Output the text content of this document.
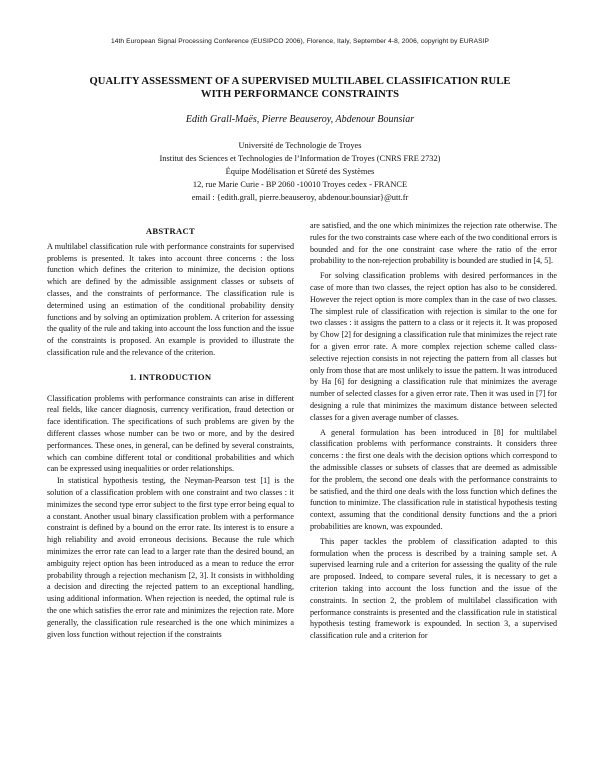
14th European Signal Processing Conference (EUSIPCO 2006), Florence, Italy, September 4-8, 2006, copyright by EURASIP
QUALITY ASSESSMENT OF A SUPERVISED MULTILABEL CLASSIFICATION RULE
WITH PERFORMANCE CONSTRAINTS
Edith Grall-Maës, Pierre Beauseroy, Abdenour Bounsiar
Université de Technologie de Troyes
Institut des Sciences et Technologies de l’Information de Troyes (CNRS FRE 2732)
Équipe Modélisation et Sûreté des Systèmes
12, rue Marie Curie - BP 2060 -10010 Troyes cedex - FRANCE
email : {edith.grall, pierre.beauseroy, abdenour.bounsiar}@utt.fr
ABSTRACT

A multilabel classification rule with performance constraints for supervised problems is presented. It takes into account three concerns : the loss function which defines the criterion to minimize, the decision options which are defined by the admissible assignment classes or subsets of classes, and the constraints of performance. The classification rule is determined using an estimation of the conditional probability density functions and by solving an optimization problem. A criterion for assessing the quality of the rule and taking into account the loss function and the issue of the constraints is proposed. An example is provided to illustrate the classification rule and the relevance of the criterion.

1. INTRODUCTION

Classification problems with performance constraints can arise in different real fields, like cancer diagnosis, currency verification, fraud detection or face identification. The specifications of such problems are given by the different classes whose number can be two or more, and by the desired performances. These ones, in general, can be defined by several constraints, which can combine different total or conditional probabilities and which can be expressed using inequalities or order relationships.

In statistical hypothesis testing, the Neyman-Pearson test [1] is the solution of a classification problem with one constraint and two classes : it minimizes the second type error subject to the first type error being equal to a constant. Another usual binary classification problem with a performance constraint is defined by a bound on the error rate. Its interest is to ensure a high reliability and avoid erroneous decisions. Because the rule which minimizes the error rate can lead to a larger rate than the desired bound, an ambiguity reject option has been introduced as a mean to reduce the error probability through a rejection mechanism [2, 3]. It consists in withholding a decision and directing the rejected pattern to an exceptional handling, using additional information. When rejection is needed, the optimal rule is the one which satisfies the error rate and minimizes the rejection rate. More generally, the classification rule researched is the one which minimizes a given loss function without rejection if the constraints

are satisfied, and the one which minimizes the rejection rate otherwise. The rules for the two constraints case where each of the two conditional errors is bounded and for the one constraint case where the ratio of the error probability to the non-rejection probability is bounded are studied in [4, 5].

For solving classification problems with desired performances in the case of more than two classes, the reject option has also to be considered. However the reject option is more complex than in the case of two classes. The simplest rule of classification with rejection is similar to the one for two classes : it assigns the pattern to a class or it rejects it. It was proposed by Chow [2] for designing a classification rule that minimizes the reject rate for a given error rate. A more complex rejection scheme called class-selective rejection consists in not rejecting the pattern from all classes but only from those that are most unlikely to issue the pattern. It was introduced by Ha [6] for designing a classification rule that minimizes the average number of selected classes for a given error rate. Then it was used in [7] for designing a rule that minimizes the maximum distance between selected classes for a given average number of classes.

A general formulation has been introduced in [8] for multilabel classification problems with performance constraints. It considers three concerns : the first one deals with the decision options which correspond to the admissible classes or subsets of classes that are deemed as admissible for the problem, the second one deals with the performance constraints to be satisfied, and the third one deals with the loss function which defines the function to minimize. The classification rule in statistical hypothesis testing context, assuming that the conditional density functions and the a priori probabilities are known, was expounded.

This paper tackles the problem of classification adapted to this formulation when the process is described by a training sample set. A supervised learning rule and a criterion for assessing the quality of the rule are proposed. Indeed, to compare several rules, it is necessary to get a criterion taking into account the loss function and the issue of the constraints. In section 2, the problem of multilabel classification with performance constraints is presented and the classification rule in statistical hypothesis testing framework is expounded. In section 3, a supervised classification rule and a criterion for
